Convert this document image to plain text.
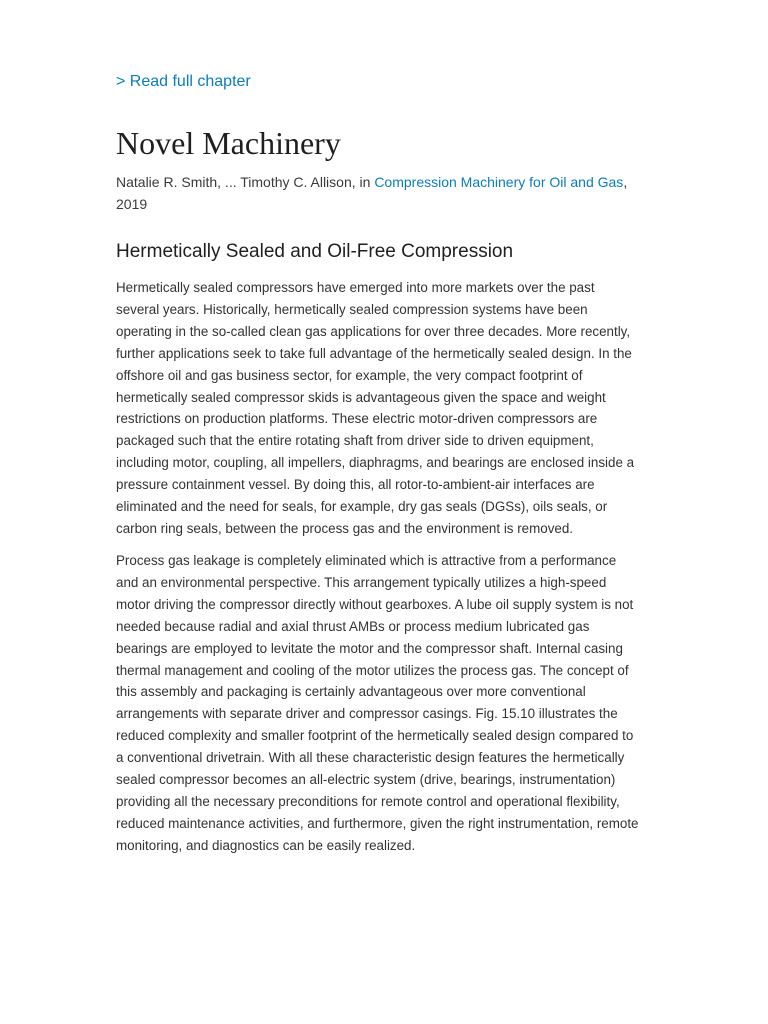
> Read full chapter
Novel Machinery
Natalie R. Smith, ... Timothy C. Allison, in Compression Machinery for Oil and Gas, 2019
Hermetically Sealed and Oil-Free Compression

Hermetically sealed compressors have emerged into more markets over the past several years. Historically, hermetically sealed compression systems have been operating in the so-called clean gas applications for over three decades. More recently, further applications seek to take full advantage of the hermetically sealed design. In the offshore oil and gas business sector, for example, the very compact footprint of hermetically sealed compressor skids is advantageous given the space and weight restrictions on production platforms. These electric motor-driven compressors are packaged such that the entire rotating shaft from driver side to driven equipment, including motor, coupling, all impellers, diaphragms, and bearings are enclosed inside a pressure containment vessel. By doing this, all rotor-to-ambient-air interfaces are eliminated and the need for seals, for example, dry gas seals (DGSs), oils seals, or carbon ring seals, between the process gas and the environment is removed.

Process gas leakage is completely eliminated which is attractive from a performance and an environmental perspective. This arrangement typically utilizes a high-speed motor driving the compressor directly without gearboxes. A lube oil supply system is not needed because radial and axial thrust AMBs or process medium lubricated gas bearings are employed to levitate the motor and the compressor shaft. Internal casing thermal management and cooling of the motor utilizes the process gas. The concept of this assembly and packaging is certainly advantageous over more conventional arrangements with separate driver and compressor casings. Fig. 15.10 illustrates the reduced complexity and smaller footprint of the hermetically sealed design compared to a conventional drivetrain. With all these characteristic design features the hermetically sealed compressor becomes an all-electric system (drive, bearings, instrumentation) providing all the necessary preconditions for remote control and operational flexibility, reduced maintenance activities, and furthermore, given the right instrumentation, remote monitoring, and diagnostics can be easily realized.
